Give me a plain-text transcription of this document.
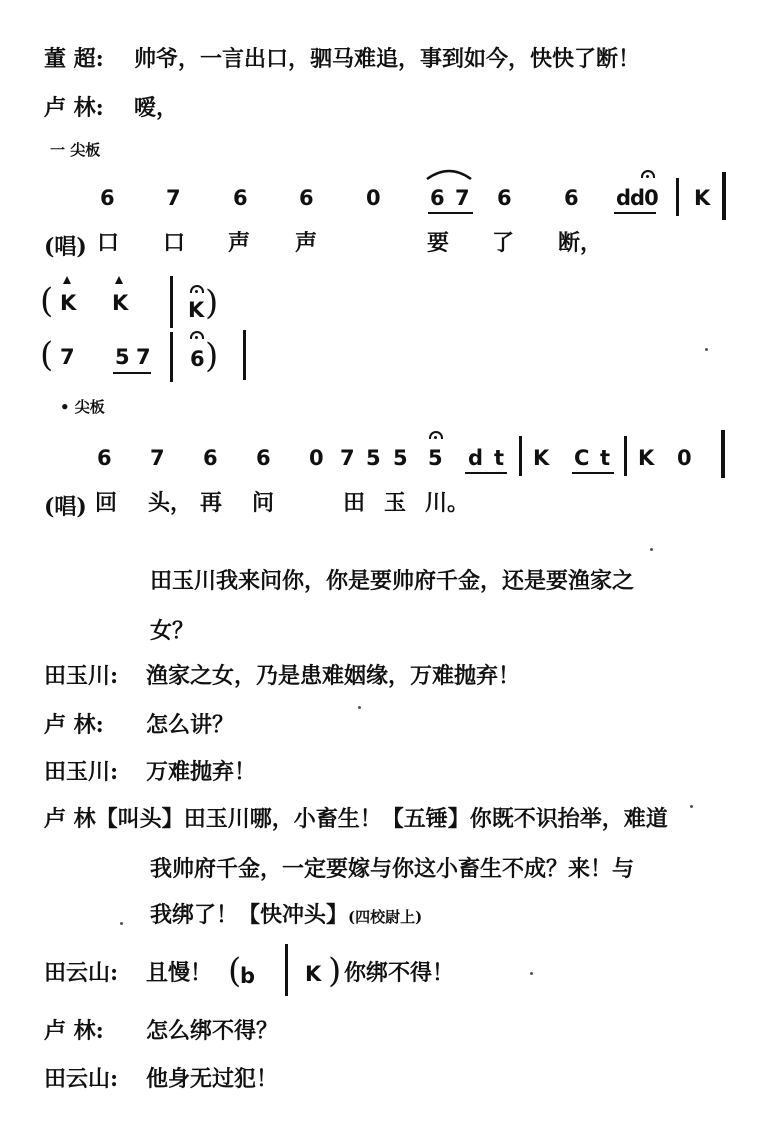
董 超: 帅爷，一言出口，驷马难追，事到如今，快快了断！
卢 林: 嗳，
一 尖板
6 7 6 6 0 6 7 6 6 dd0 K
(唱) 口 口 声 声	要 了 断，
( K K	K )
( 7 5 7 6 )
• 尖板
6 7 6 6 0 7 5 5 5 d t K C t K 0
(唱) 回 头， 再 问	田 玉 川。
田玉川我来问你，你是要帅府千金，还是要渔家之
女？
田玉川: 渔家之女，乃是患难姻缘，万难抛弃！
卢 林: 怎么讲？
田玉川: 万难抛弃！
卢 林【叫头】田玉川哪，小畜生！【五锤】你既不识抬举，难道
我帅府千金，一定要嫁与你这小畜生不成？来！与
我绑了！【快冲头】(四校尉上)
田云山: 且慢！ (
b K ) 你绑不得！
卢 林: 怎么绑不得？
田云山: 他身无过犯！
